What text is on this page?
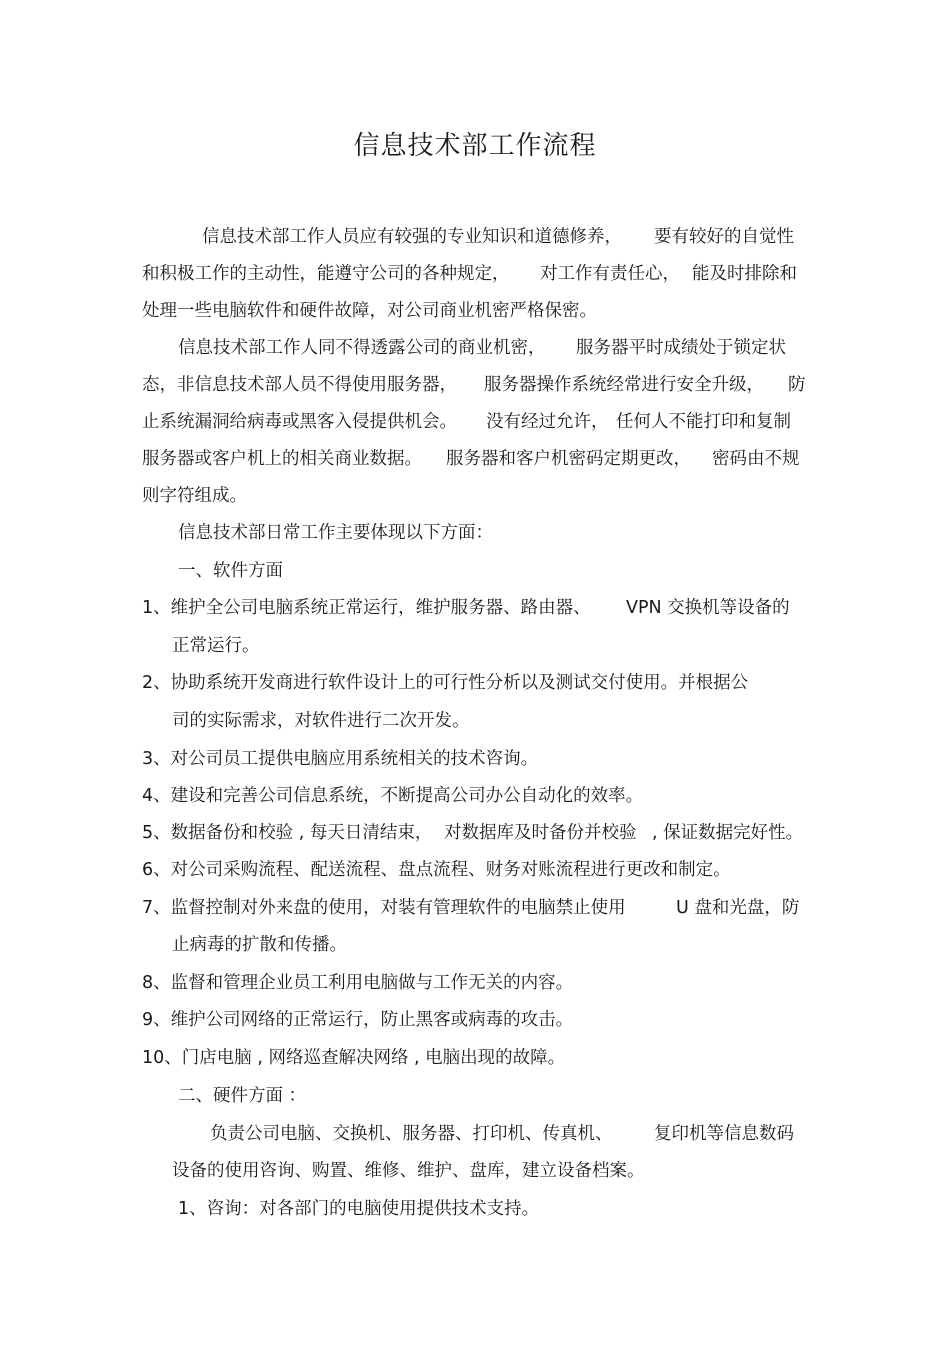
信息技术部工作流程
信息技术部工作人员应有较强的专业知识和道德修养， 要有较好的自觉性
和积极工作的主动性，能遵守公司的各种规定， 对工作有责任心， 能及时排除和
处理一些电脑软件和硬件故障，对公司商业机密严格保密。
信息技术部工作人同不得透露公司的商业机密， 服务器平时成绩处于锁定状
态，非信息技术部人员不得使用服务器， 服务器操作系统经常进行安全升级， 防
止系统漏洞给病毒或黑客入侵提供机会。 没有经过允许， 任何人不能打印和复制
服务器或客户机上的相关商业数据。 服务器和客户机密码定期更改， 密码由不规
则字符组成。
信息技术部日常工作主要体现以下方面：
一、软件方面
1、维护全公司电脑系统正常运行，维护服务器、路由器、 VPN 交换机等设备的
正常运行。
2、协助系统开发商进行软件设计上的可行性分析以及测试交付使用。并根据公
司的实际需求，对软件进行二次开发。
3、对公司员工提供电脑应用系统相关的技术咨询。
4、建设和完善公司信息系统，不断提高公司办公自动化的效率。
5、数据备份和校验 , 每天日清结束， 对数据库及时备份并校验 , 保证数据完好性。
6、对公司采购流程、配送流程、盘点流程、财务对账流程进行更改和制定。
7、监督控制对外来盘的使用，对装有管理软件的电脑禁止使用	U 盘和光盘，防
止病毒的扩散和传播。
8、监督和管理企业员工利用电脑做与工作无关的内容。
9、维护公司网络的正常运行，防止黑客或病毒的攻击。
10、门店电脑 , 网络巡查解决网络 , 电脑出现的故障。
二、硬件方面 ：
负责公司电脑、交换机、服务器、打印机、传真机、 复印机等信息数码
设备的使用咨询、购置、维修、维护、盘库，建立设备档案。
1、咨询：对各部门的电脑使用提供技术支持。
